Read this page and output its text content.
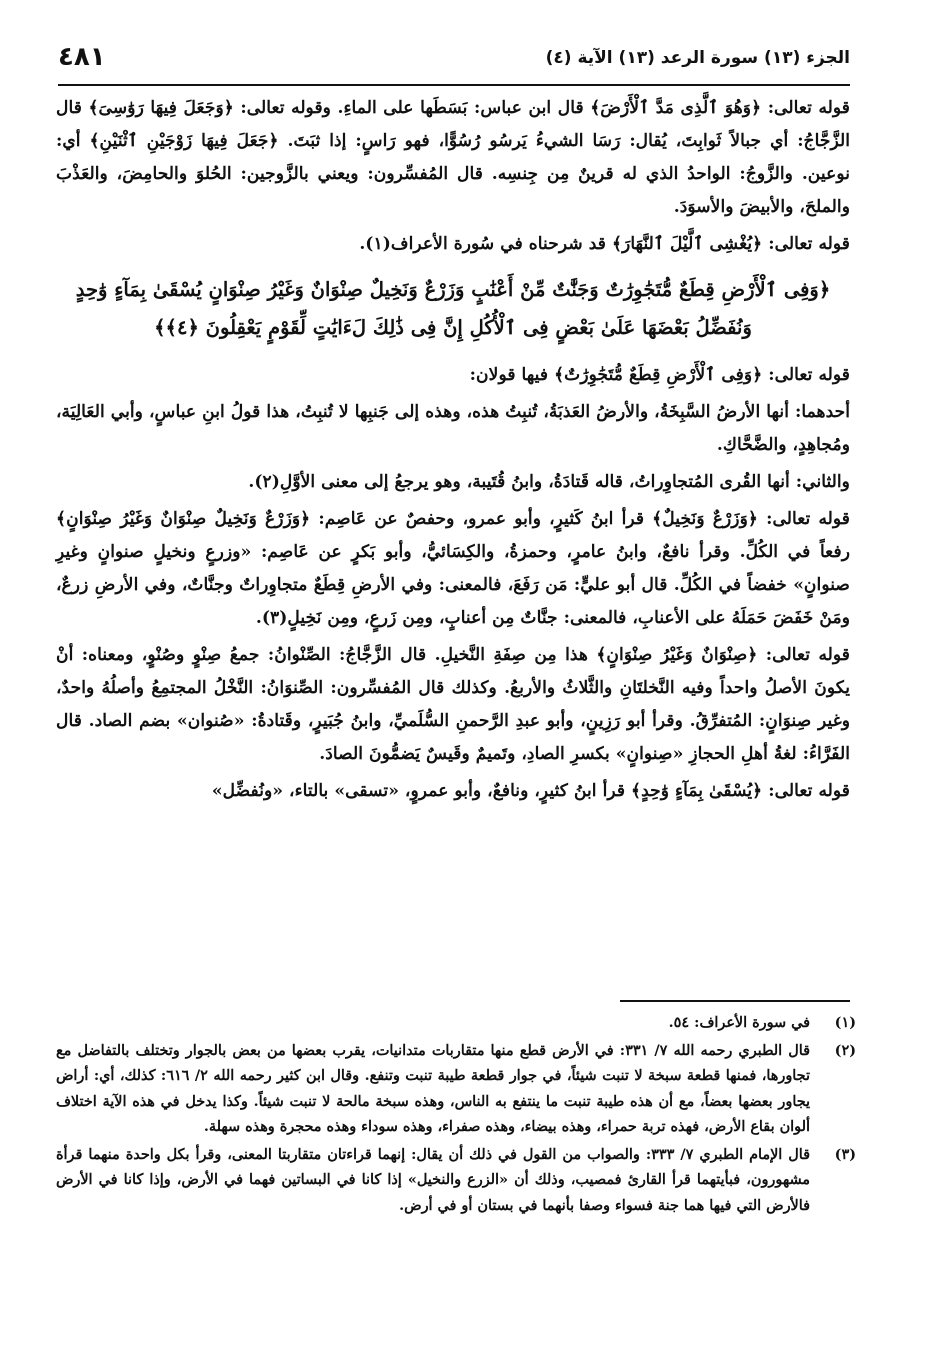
٤٨١	الجزء (١٣) سورة الرعد (١٣) الآية (٤)

قوله تعالى: ﴿وَهُوَ ٱلَّذِى مَدَّ ٱلْأَرْضَ﴾ قال ابن عباس: بَسَطَها على الماءِ. وقوله تعالى: ﴿وَجَعَلَ فِيهَا رَوَٰسِىَ﴾ قال الزَّجَّاجُ: أي جبالاً ثَوابِتَ، يُقال: رَسَا الشيءُ يَرسُو رُسُوًّا، فهو رَاسٍ: إذا ثبَتَ. ﴿جَعَلَ فِيهَا زَوْجَيْنِ ٱثْنَيْنِ﴾ أي: نوعين. والزَّوجُ: الواحدُ الذي له قرينٌ مِن جِنسِه. قال المُفسِّرون: ويعني بالزَّوجين: الحُلوَ والحامِضَ، والعَذْبَ والملحَ، والأبيضَ والأسوَدَ.

قوله تعالى: ﴿يُغْشِى ٱلَّيْلَ ٱلنَّهَارَ﴾ قد شرحناه في سُورة الأعراف(١).

﴿وَفِى ٱلْأَرْضِ قِطَعٌ مُّتَجَٰوِرَٰتٌ وَجَنَّٰتٌ مِّنْ أَعْنَٰبٍ وَزَرْعٌ وَنَخِيلٌ صِنْوَانٌ وَغَيْرُ صِنْوَانٍ يُسْقَىٰ بِمَآءٍ وَٰحِدٍ وَنُفَضِّلُ بَعْضَهَا عَلَىٰ بَعْضٍ فِى ٱلْأُكُلِ إِنَّ فِى ذَٰلِكَ لَءَايَٰتٍ لِّقَوْمٍ يَعْقِلُونَ ﴿٤﴾﴾

قوله تعالى: ﴿وَفِى ٱلْأَرْضِ قِطَعٌ مُّتَجَٰوِرَٰتٌ﴾ فيها قولان:

أحدهما: أنها الأرضُ السَّبِخَةُ، والأرضُ العَذبَةُ، تُنبِتُ هذه، وهذه إلى جَنبِها لا تُنبِتُ، هذا قولُ ابنِ عباسٍ، وأبي العَالِيَة، ومُجاهِدٍ، والضَّحَّاكِ.

والثاني: أنها القُرى المُتجاوِراتُ، قاله قَتادَةُ، وابنُ قُتَيبة، وهو يرجعُ إلى معنى الأوَّلِ(٢).

قوله تعالى: ﴿وَزَرْعٌ وَنَخِيلٌ﴾ قرأ ابنُ كَثيرٍ، وأبو عمرو، وحفصٌ عن عَاصِم: ﴿وَزَرْعٌ وَنَخِيلٌ صِنْوَانٌ وَغَيْرُ صِنْوَانٍ﴾ رفعاً في الكُلِّ. وقرأ نافعٌ، وابنُ عامرٍ، وحمزةُ، والكِسَائيُّ، وأبو بَكرٍ عن عَاصِم: «وزرعٍ ونخيلٍ صنوانٍ وغيرِ صنوانٍ» خفضاً في الكُلِّ. قال أبو عليٍّ: مَن رَفَعَ، فالمعنى: وفي الأرضِ قِطَعٌ متجاوِراتٌ وجنَّاتٌ، وفي الأرضِ زرعٌ، ومَنْ خَفَضَ حَمَلَهُ على الأعنابِ، فالمعنى: جنَّاتٌ مِن أعنابٍ، ومِن زَرعٍ، ومِن نَخِيلٍ(٣).

قوله تعالى: ﴿صِنْوَانٌ وَغَيْرُ صِنْوَانٍ﴾ هذا مِن صِفَةِ النَّخيلِ. قال الزَّجَّاجُ: الصِّنْوانُ: جمعُ صِنْوٍ وصُنْوٍ، ومعناه: أنْ يكونَ الأصلُ واحداً وفيه النَّخلتَانِ والثَّلاثُ والأربعُ. وكذلك قال المُفسِّرون: الصِّنوَانُ: النَّخْلُ المجتمِعُ وأصلُهُ واحدٌ، وغير صِنوَانٍ: المُتفرِّقُ. وقرأ أبو رَزِينٍ، وأبو عبدِ الرَّحمنِ السُّلَميِّ، وابنُ جُبَيرٍ، وقَتادةُ: «صُنوان» بضم الصاد. قال الفَرَّاءُ: لغةُ أهلِ الحجازِ «صِنوانٍ» بكسرِ الصادِ، وتَميمٌ وقَيسٌ يَضمُّونَ الصادَ.

قوله تعالى: ﴿يُسْقَىٰ بِمَآءٍ وَٰحِدٍ﴾ قرأ ابنُ كثيرٍ، ونافعٌ، وأبو عمروٍ، «تسقى» بالتاء، «ونُفضِّل»

(١)
في سورة الأعراف: ٥٤.
(٢)
قال الطبري رحمه الله ٧/ ٣٣١: في الأرض قطع منها متقاربات متدانيات، يقرب بعضها من بعض بالجوار وتختلف بالتفاضل مع تجاورها، فمنها قطعة سبخة لا تنبت شيئاً، في جوار قطعة طيبة تنبت وتنفع. وقال ابن كثير رحمه الله ٢/ ٦١٦: كذلك، أي: أراض يجاور بعضها بعضاً، مع أن هذه طيبة تنبت ما ينتفع به الناس، وهذه سبخة مالحة لا تنبت شيئاً. وكذا يدخل في هذه الآية اختلاف ألوان بقاع الأرض، فهذه تربة حمراء، وهذه بيضاء، وهذه صفراء، وهذه سوداء وهذه محجرة وهذه سهلة.
(٣)
قال الإمام الطبري ٧/ ٣٣٣: والصواب من القول في ذلك أن يقال: إنهما قراءتان متقاربتا المعنى، وقرأ بكل واحدة منهما قرأة مشهورون، فبأيتهما قرأ القارئ فمصيب، وذلك أن «الزرع والنخيل» إذا كانا في البساتين فهما في الأرض، وإذا كانا في الأرض فالأرض التي فيها هما جنة فسواء وصفا بأنهما في بستان أو في أرض.
